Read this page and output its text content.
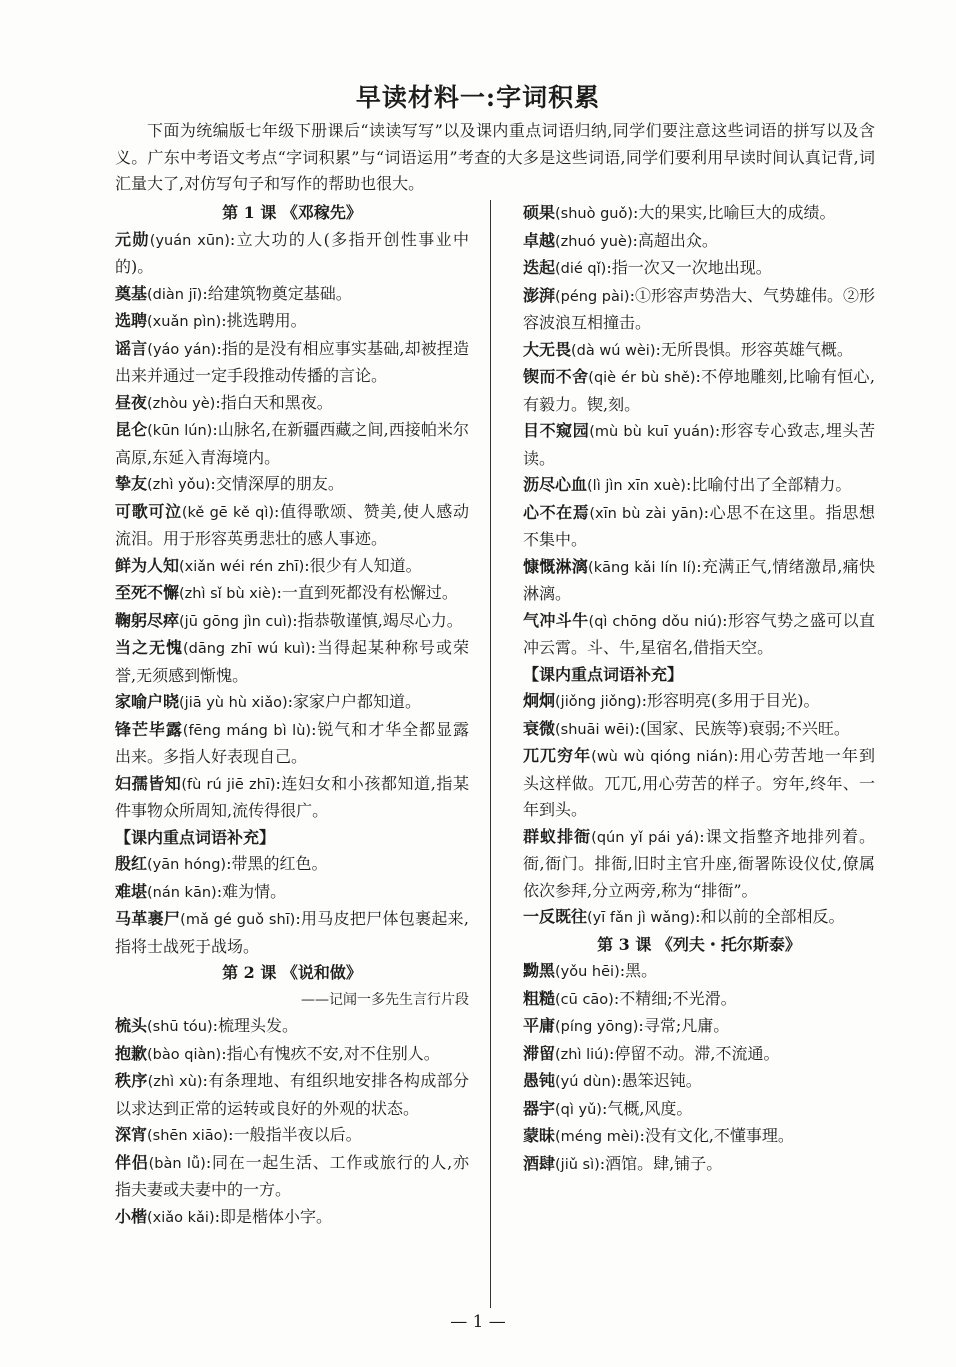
早读材料一:字词积累

下面为统编版七年级下册课后“读读写写”以及课内重点词语归纳,同学们要注意这些词语的拼写以及含义。广东中考语文考点“字词积累”与“词语运用”考查的大多是这些词语,同学们要利用早读时间认真记背,词汇量大了,对仿写句子和写作的帮助也很大。

第 1 课 《邓稼先》

元勋(yuán xūn):立大功的人(多指开创性事业中的)。

奠基(diàn jī):给建筑物奠定基础。

选聘(xuǎn pìn):挑选聘用。

谣言(yáo yán):指的是没有相应事实基础,却被捏造出来并通过一定手段推动传播的言论。

昼夜(zhòu yè):指白天和黑夜。

昆仑(kūn lún):山脉名,在新疆西藏之间,西接帕米尔高原,东延入青海境内。

挚友(zhì yǒu):交情深厚的朋友。

可歌可泣(kě gē kě qì):值得歌颂、赞美,使人感动流泪。用于形容英勇悲壮的感人事迹。

鲜为人知(xiǎn wéi rén zhī):很少有人知道。

至死不懈(zhì sǐ bù xiè):一直到死都没有松懈过。

鞠躬尽瘁(jū gōng jìn cuì):指恭敬谨慎,竭尽心力。

当之无愧(dāng zhī wú kuì):当得起某种称号或荣誉,无须感到惭愧。

家喻户晓(jiā yù hù xiǎo):家家户户都知道。

锋芒毕露(fēng máng bì lù):锐气和才华全都显露出来。多指人好表现自己。

妇孺皆知(fù rú jiē zhī):连妇女和小孩都知道,指某件事物众所周知,流传得很广。

【课内重点词语补充】

殷红(yān hóng):带黑的红色。

难堪(nán kān):难为情。

马革裹尸(mǎ gé guǒ shī):用马皮把尸体包裹起来,指将士战死于战场。

第 2 课 《说和做》
——记闻一多先生言行片段

梳头(shū tóu):梳理头发。

抱歉(bào qiàn):指心有愧疚不安,对不住别人。

秩序(zhì xù):有条理地、有组织地安排各构成部分以求达到正常的运转或良好的外观的状态。

深宵(shēn xiāo):一般指半夜以后。

伴侣(bàn lǚ):同在一起生活、工作或旅行的人,亦指夫妻或夫妻中的一方。

小楷(xiǎo kǎi):即是楷体小字。

硕果(shuò guǒ):大的果实,比喻巨大的成绩。

卓越(zhuó yuè):高超出众。

迭起(dié qǐ):指一次又一次地出现。

澎湃(péng pài):①形容声势浩大、气势雄伟。②形容波浪互相撞击。

大无畏(dà wú wèi):无所畏惧。形容英雄气概。

锲而不舍(qiè ér bù shě):不停地雕刻,比喻有恒心,有毅力。锲,刻。

目不窥园(mù bù kuī yuán):形容专心致志,埋头苦读。

沥尽心血(lì jìn xīn xuè):比喻付出了全部精力。

心不在焉(xīn bù zài yān):心思不在这里。指思想不集中。

慷慨淋漓(kāng kǎi lín lí):充满正气,情绪激昂,痛快淋漓。

气冲斗牛(qì chōng dǒu niú):形容气势之盛可以直冲云霄。斗、牛,星宿名,借指天空。

【课内重点词语补充】

炯炯(jiǒng jiǒng):形容明亮(多用于目光)。

衰微(shuāi wēi):(国家、民族等)衰弱;不兴旺。

兀兀穷年(wù wù qióng nián):用心劳苦地一年到头这样做。兀兀,用心劳苦的样子。穷年,终年、一年到头。

群蚁排衙(qún yǐ pái yá):课文指整齐地排列着。衙,衙门。排衙,旧时主官升座,衙署陈设仪仗,僚属依次参拜,分立两旁,称为“排衙”。

一反既往(yī fǎn jì wǎng):和以前的全部相反。

第 3 课 《列夫・托尔斯泰》

黝黑(yǒu hēi):黑。

粗糙(cū cāo):不精细;不光滑。

平庸(píng yōng):寻常;凡庸。

滞留(zhì liú):停留不动。滞,不流通。

愚钝(yú dùn):愚笨迟钝。

器宇(qì yǔ):气概,风度。

蒙昧(méng mèi):没有文化,不懂事理。

酒肆(jiǔ sì):酒馆。肆,铺子。

— 1 —
